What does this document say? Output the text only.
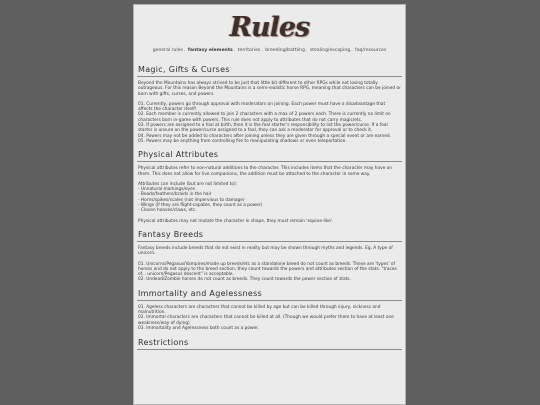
Rules
general rules. fantasy elements. territories. breeding/battling. stealing/escaping. faq/resources
Magic, Gifts & Curses

Beyond the Mountains has always strived to be just that little bit different to other RPGs while not losing totally outrageous. For this reason Beyond the Mountains is a semi-realistic horse RPG, meaning that characters can be joined or born with gifts, curses, and powers.

01. Currently, powers go through approval with moderators on joining. Each power must have a disadvantage that affects the character itself!
02. Each member is currently allowed to join 2 characters with a max of 2 powers each. There is currently no limit on characters born in-game with powers. This rule does not apply to attributes that do not carry magic/etc.
03. If powers are assigned to a foal at birth, then it is the foal starter's responsibility to list the power/curse. If a foal starter is unsure on the power/curse assigned to a foal, they can ask a moderator for approval or to check it.
04. Powers may not be added to characters after joining unless they are given through a special event or are earned.
05. Powers may be anything from controlling fire to manipulating shadows or even teleportation.
Physical Attributes

Physical attributes refer to non-natural additions to the character. This includes items that the character may have on them. This does not allow for live companions, the addition must be attached to the character in some way.

Attributes can include (but are not limited to):
- Unnatural markings/eyes
- Beads/feathers/braids in the hair
- Horns/spikes/scales (not impervious to damage)
- Wings (if they are flight-capable, they count as a power)
- Cloven hooves/claws, etc.

Physical attributes may not mutate the character in shape, they must remain 'equine-like'.

Fantasy Breeds

Fantasy breeds include breeds that do not exist in reality but may be shown through myths and legends. Eg. A type of unicorn.

01. Unicorns/Pegasus/Vampires/made up breeds/etc as a standalone breed do not count as breeds. These are 'types' of horses and do not apply to the breed section, they count towards the powers and attributes section of the stats. "traces of... unicorn/Pegasus descent" is acceptable.
02. Undead/Zombie horses do not count as breeds. They count towards the power section of stats.
Immortality and Agelessness
01. Ageless characters are characters that cannot be killed by age but can be killed through injury, sickness and malnutrition.
02. Immortal characters are characters that cannot be killed at all. (Though we would prefer them to have at least one weakness/way of dying)
03. Immortality and Agelessness both count as a power.
Restrictions
